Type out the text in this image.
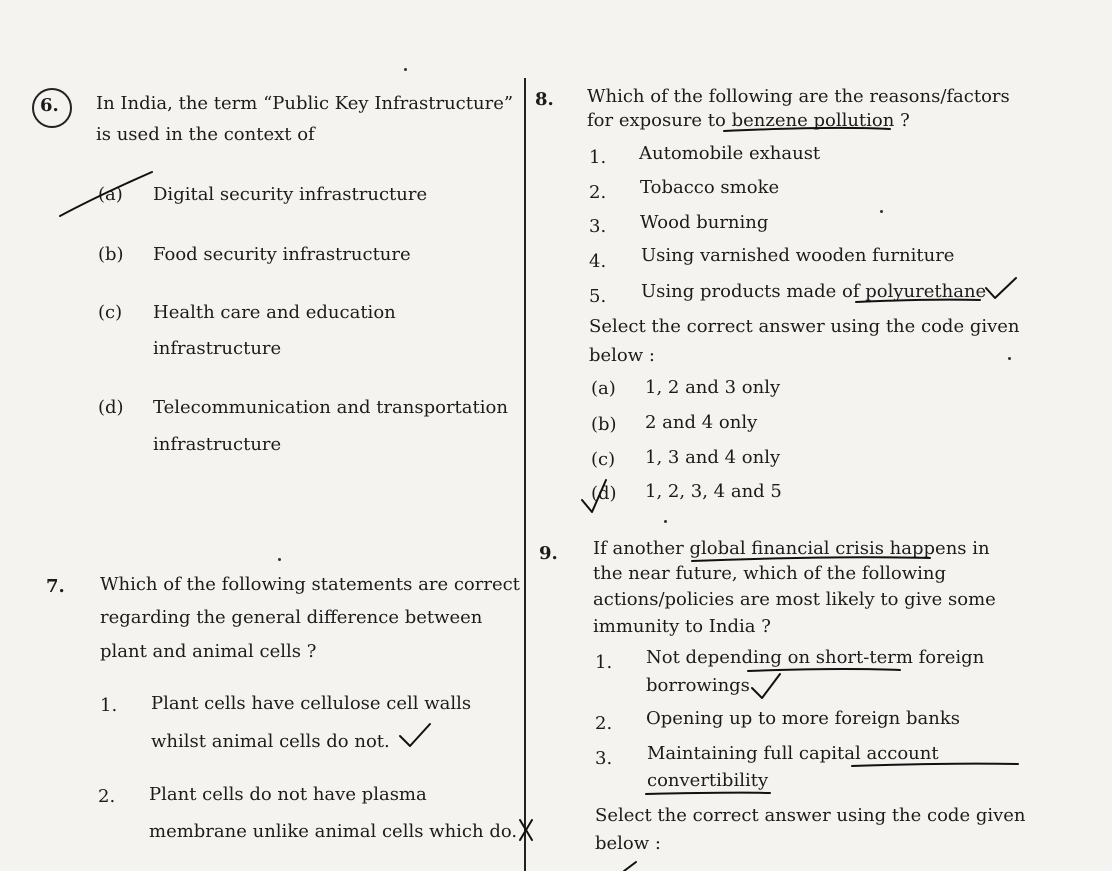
6. In India, the term “Public Key Infrastructure”
is used in the context of
(a) Digital security infrastructure
(b) Food security infrastructure
(c) Health care and education
infrastructure
(d) Telecommunication and transportation
infrastructure
7. Which of the following statements are correct
regarding the general difference between
plant and animal cells ?
1. Plant cells have cellulose cell walls
whilst animal cells do not.
2. Plant cells do not have plasma
membrane unlike animal cells which do.
8. Which of the following are the reasons/factors
for exposure to benzene pollution ?
1. Automobile exhaust
2. Tobacco smoke
3. Wood burning
4. Using varnished wooden furniture
5. Using products made of polyurethane
Select the correct answer using the code given
below :
(a) 1, 2 and 3 only
(b) 2 and 4 only
(c) 1, 3 and 4 only
(d) 1, 2, 3, 4 and 5
9. If another global financial crisis happens in
the near future, which of the following
actions/policies are most likely to give some
immunity to India ?
1. Not depending on short-term foreign
borrowings
2. Opening up to more foreign banks
3. Maintaining full capital account
convertibility
Select the correct answer using the code given
below :
